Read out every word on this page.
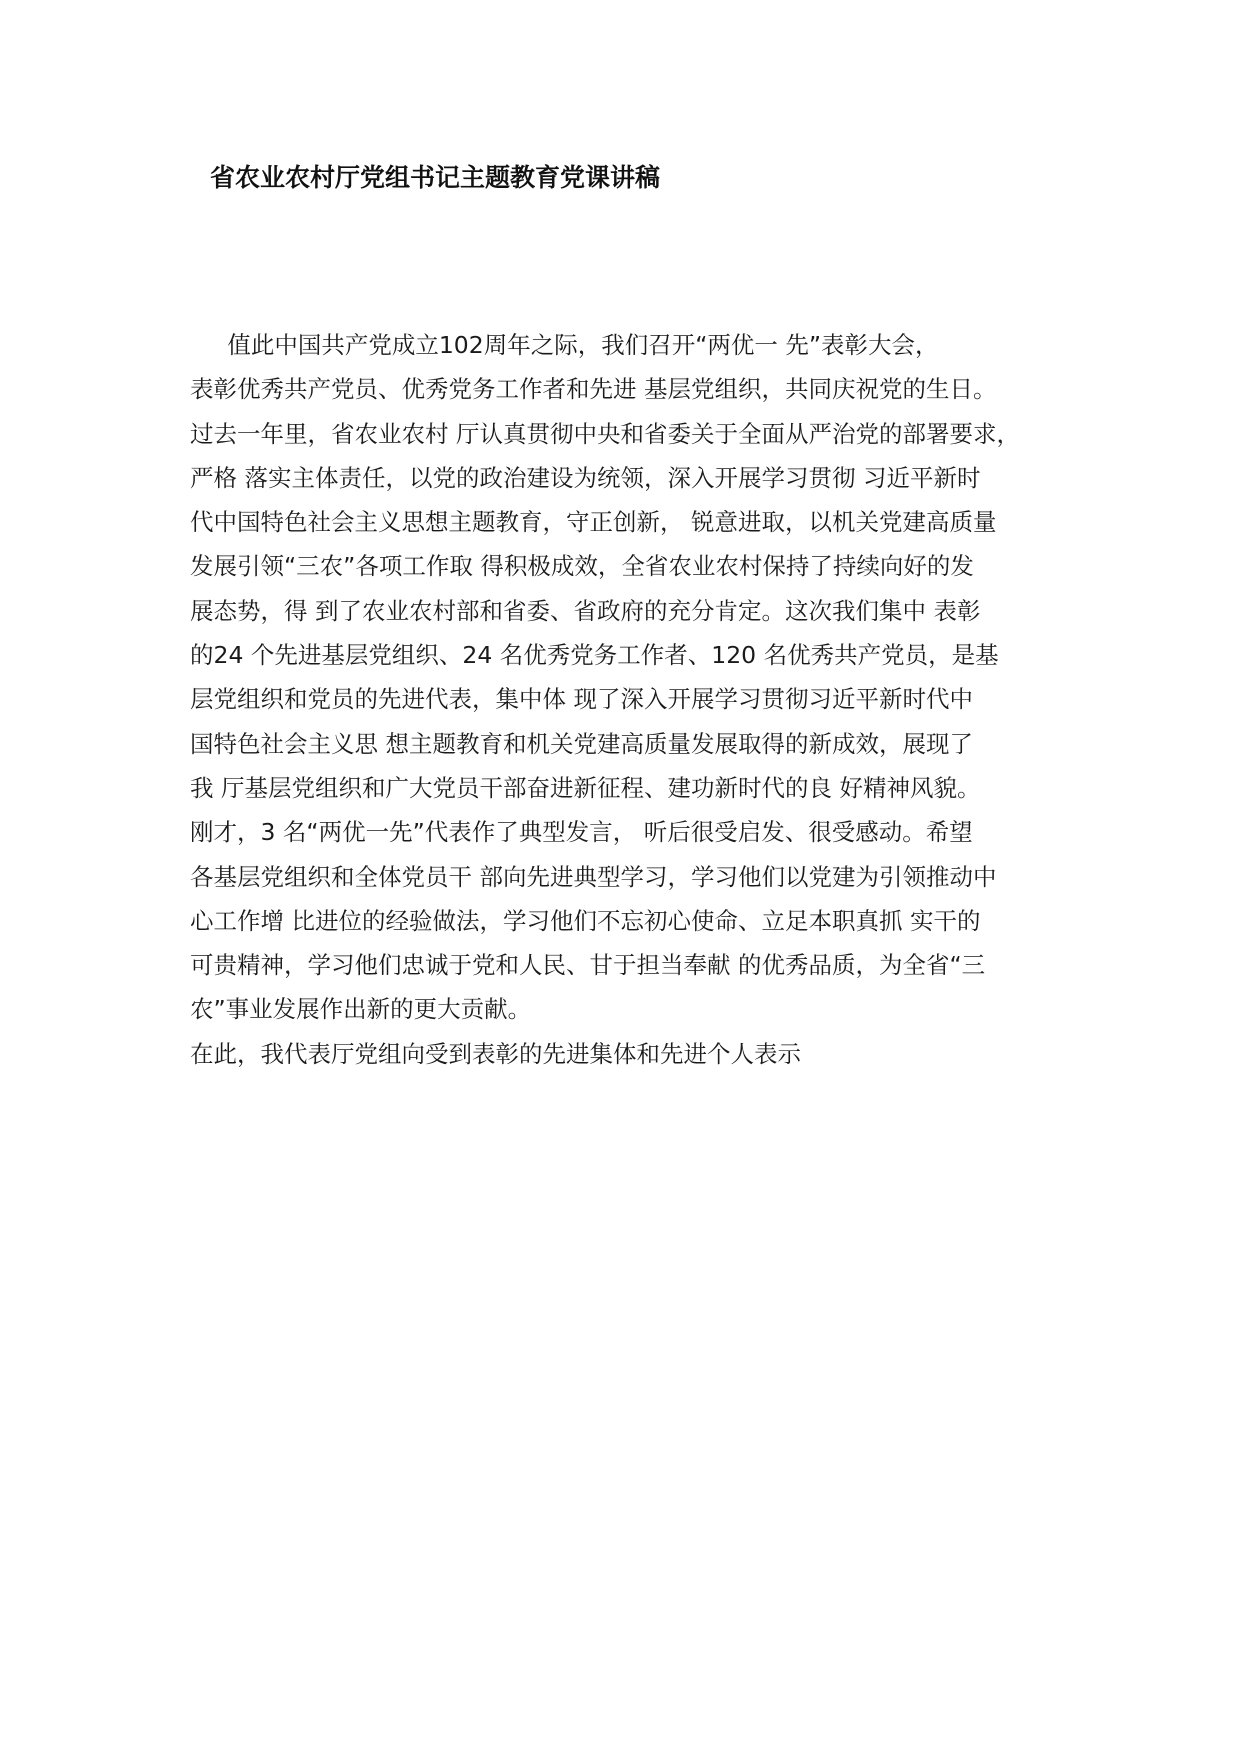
省农业农村厅党组书记主题教育党课讲稿
值此中国共产党成立102周年之际，我们召开“两优一 先”表彰大会，
表彰优秀共产党员、优秀党务工作者和先进 基层党组织，共同庆祝党的生日。
过去一年里，省农业农村 厅认真贯彻中央和省委关于全面从严治党的部署要求，
严格 落实主体责任，以党的政治建设为统领，深入开展学习贯彻 习近平新时
代中国特色社会主义思想主题教育，守正创新， 锐意进取，以机关党建高质量
发展引领“三农”各项工作取 得积极成效，全省农业农村保持了持续向好的发
展态势，得 到了农业农村部和省委、省政府的充分肯定。这次我们集中 表彰
的24 个先进基层党组织、24 名优秀党务工作者、120 名优秀共产党员，是基
层党组织和党员的先进代表，集中体 现了深入开展学习贯彻习近平新时代中
国特色社会主义思 想主题教育和机关党建高质量发展取得的新成效，展现了
我 厅基层党组织和广大党员干部奋进新征程、建功新时代的良 好精神风貌。
刚才，3 名“两优一先”代表作了典型发言， 听后很受启发、很受感动。希望
各基层党组织和全体党员干 部向先进典型学习，学习他们以党建为引领推动中
心工作增 比进位的经验做法，学习他们不忘初心使命、立足本职真抓 实干的
可贵精神，学习他们忠诚于党和人民、甘于担当奉献 的优秀品质，为全省“三
农”事业发展作出新的更大贡献。
在此，我代表厅党组向受到表彰的先进集体和先进个人表示
